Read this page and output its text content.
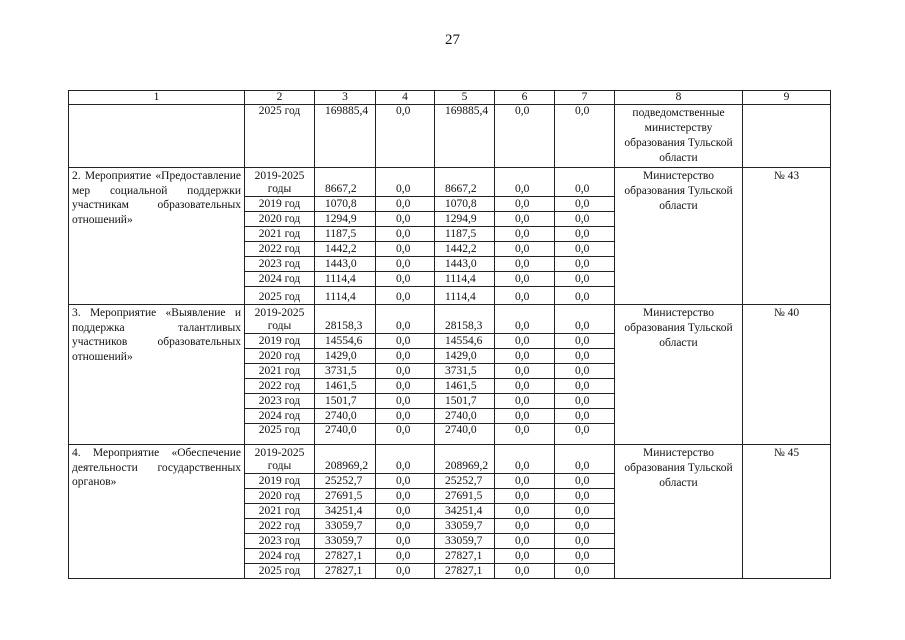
27
1	2	3	4	5	6	7	8	9
	2025 год	169885,4	0,0	169885,4	0,0	0,0	подведомственные министерству образования Тульской области	
2. Мероприятие «Предоставление мер социальной поддержки участникам образовательных отношений»	2019-2025 годы	8667,2	0,0	8667,2	0,0	0,0	Министерство образования Тульской области	№ 43
	2019 год	1070,8	0,0	1070,8	0,0	0,0		
	2020 год	1294,9	0,0	1294,9	0,0	0,0		
	2021 год	1187,5	0,0	1187,5	0,0	0,0		
	2022 год	1442,2	0,0	1442,2	0,0	0,0		
	2023 год	1443,0	0,0	1443,0	0,0	0,0		
	2024 год	1114,4	0,0	1114,4	0,0	0,0		
	2025 год	1114,4	0,0	1114,4	0,0	0,0		
3. Мероприятие «Выявление и поддержка талантливых участников образовательных отношений»	2019-2025 годы	28158,3	0,0	28158,3	0,0	0,0	Министерство образования Тульской области	№ 40
	2019 год	14554,6	0,0	14554,6	0,0	0,0		
	2020 год	1429,0	0,0	1429,0	0,0	0,0		
	2021 год	3731,5	0,0	3731,5	0,0	0,0		
	2022 год	1461,5	0,0	1461,5	0,0	0,0		
	2023 год	1501,7	0,0	1501,7	0,0	0,0		
	2024 год	2740,0	0,0	2740,0	0,0	0,0		
	2025 год	2740,0	0,0	2740,0	0,0	0,0		
4. Мероприятие «Обеспечение деятельности государственных органов»	2019-2025 годы	208969,2	0,0	208969,2	0,0	0,0	Министерство образования Тульской области	№ 45
	2019 год	25252,7	0,0	25252,7	0,0	0,0		
	2020 год	27691,5	0,0	27691,5	0,0	0,0		
	2021 год	34251,4	0,0	34251,4	0,0	0,0		
	2022 год	33059,7	0,0	33059,7	0,0	0,0		
	2023 год	33059,7	0,0	33059,7	0,0	0,0		
	2024 год	27827,1	0,0	27827,1	0,0	0,0		
	2025 год	27827,1	0,0	27827,1	0,0	0,0		
